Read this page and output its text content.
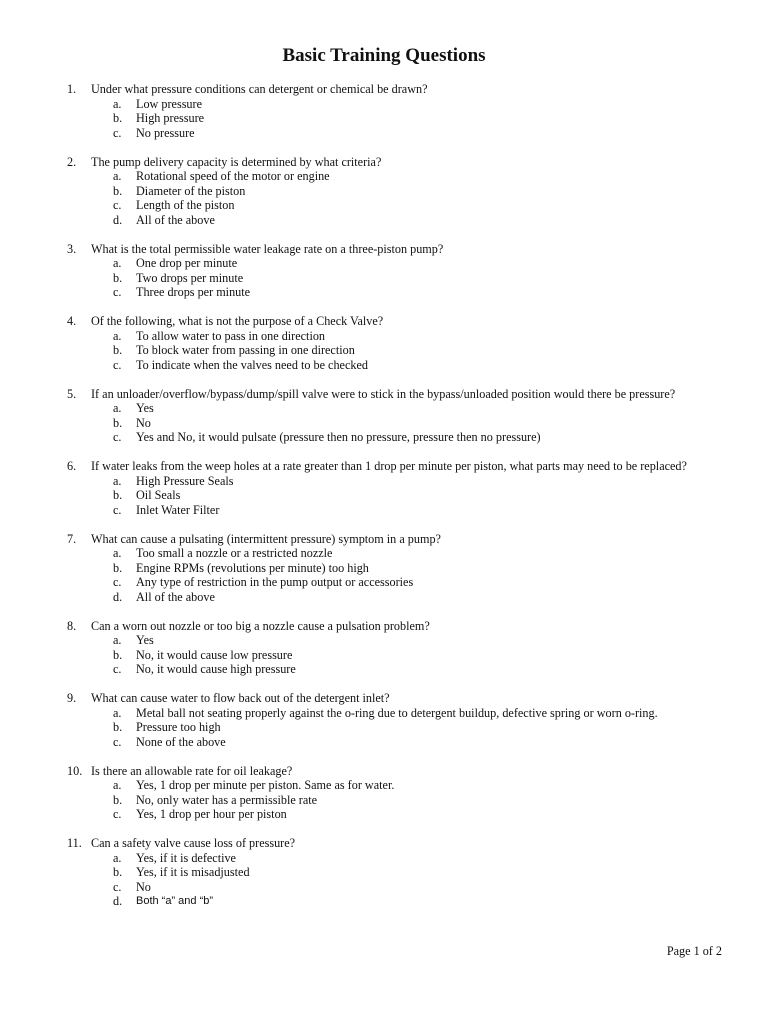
Basic Training Questions
1. Under what pressure conditions can detergent or chemical be drawn?
a. Low pressure
b. High pressure
c. No pressure
2. The pump delivery capacity is determined by what criteria?
a. Rotational speed of the motor or engine
b. Diameter of the piston
c. Length of the piston
d. All of the above
3. What is the total permissible water leakage rate on a three-piston pump?
a. One drop per minute
b. Two drops per minute
c. Three drops per minute
4. Of the following, what is not the purpose of a Check Valve?
a. To allow water to pass in one direction
b. To block water from passing in one direction
c. To indicate when the valves need to be checked
5. If an unloader/overflow/bypass/dump/spill valve were to stick in the bypass/unloaded position would there be pressure?
a. Yes
b. No
c. Yes and No, it would pulsate (pressure then no pressure, pressure then no pressure)
6. If water leaks from the weep holes at a rate greater than 1 drop per minute per piston, what parts may need to be replaced?
a. High Pressure Seals
b. Oil Seals
c. Inlet Water Filter
7. What can cause a pulsating (intermittent pressure) symptom in a pump?
a. Too small a nozzle or a restricted nozzle
b. Engine RPMs (revolutions per minute) too high
c. Any type of restriction in the pump output or accessories
d. All of the above
8. Can a worn out nozzle or too big a nozzle cause a pulsation problem?
a. Yes
b. No, it would cause low pressure
c. No, it would cause high pressure
9. What can cause water to flow back out of the detergent inlet?
a. Metal ball not seating properly against the o-ring due to detergent buildup, defective spring or worn o-ring.
b. Pressure too high
c. None of the above
10. Is there an allowable rate for oil leakage?
a. Yes, 1 drop per minute per piston. Same as for water.
b. No, only water has a permissible rate
c. Yes, 1 drop per hour per piston
11. Can a safety valve cause loss of pressure?
a. Yes, if it is defective
b. Yes, if it is misadjusted
c. No
d. Both “a” and “b”
Page 1 of 2
